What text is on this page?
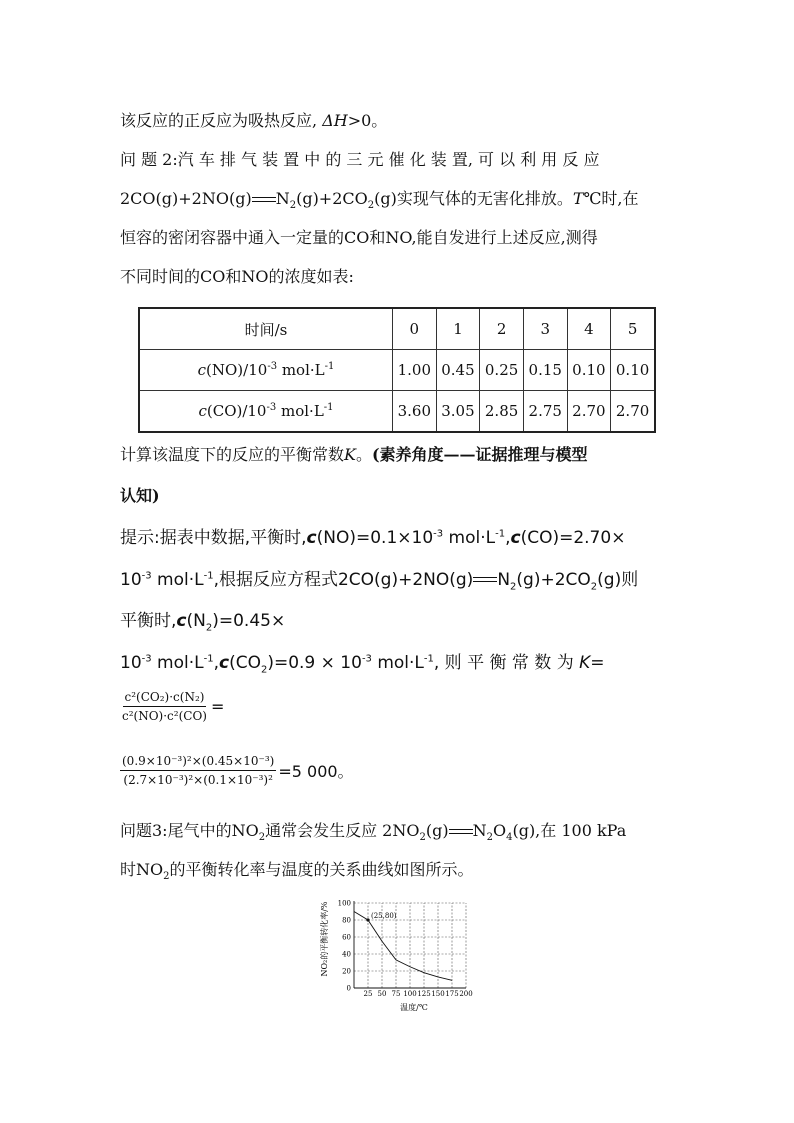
该反应的正反应为吸热反应, ΔH>0。
问 题 2:汽 车 排 气 装 置 中 的 三 元 催 化 装 置, 可 以 利 用 反 应
2CO(g)+2NO(g) $N_2(g)+2CO_2(g)$实现气体的无害化排放。T℃时,在
恒容的密闭容器中通入一定量的CO和NO,能自发进行上述反应,测得
不同时间的CO和NO的浓度如表:
时间/s	0	1	2	3	4	5
$c(NO)/10^{-3}$ $mol\cdot L^{-1}$	1.00	0.45	0.25	0.15	0.10	0.10
$c(CO)/10^{-3}$ $mol\cdot L^{-1}$	3.60	3.05	2.85	2.75	2.70	2.70
计算该温度下的反应的平衡常数K。(素养角度——证据推理与模型
认知)
提示:据表中数据,平衡时$,c(NO)=0.1\times 10^{-3}$ $mol\cdot L^{-1},c(CO)=2.70\times$
$10^{-3}$ $mol\cdot L^{-1}$,根据反应方程式2CO(g)+2NO(g) $N_2(g)+2CO_2(g)$则
平衡时$,c(N_2)=0.45\times$
$10^{-3}$ $mol\cdot L^{-1},c(CO_2)=0.9 \times 10^{-3}$ $mol\cdot L^{-1}$, 则 平 衡 常 数 为 K=
$\frac{\text{c²(CO₂)·c(N₂)}}{\text{c²(NO)·c²(CO)}}$ =
$\frac{\text{(0.9×10⁻³)²×(0.45×10⁻³)}}{\text{(2.7×10⁻³)²×(0.1×10⁻³)²}} =5$ 000。
问题3:尾气中的$NO_2$通常会发生反应 $2NO_2(g)$ $N_2O_4(g)$,在 100 kPa
时$NO_2$的平衡转化率与温度的关系曲线如图所示。
25 50 75 100 125 150 175 200
0
20
40
60
80
100
(25,80)
NO₂的平衡转化率/%
温度/℃
